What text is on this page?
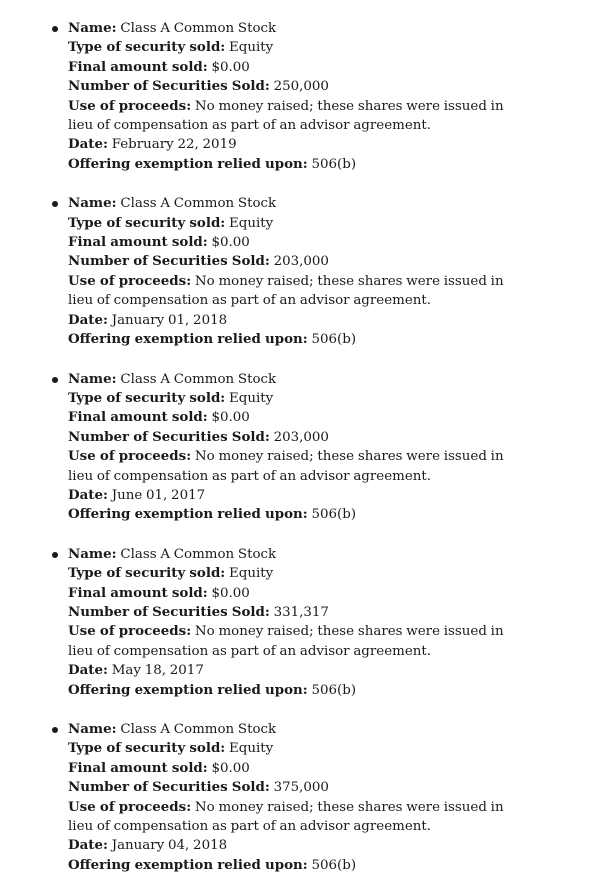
Name: Class A Common Stock
Type of security sold: Equity
Final amount sold: $0.00
Number of Securities Sold: 250,000
Use of proceeds: No money raised; these shares were issued in lieu of compensation as part of an advisor agreement.
Date: February 22, 2019
Offering exemption relied upon: 506(b)
Name: Class A Common Stock
Type of security sold: Equity
Final amount sold: $0.00
Number of Securities Sold: 203,000
Use of proceeds: No money raised; these shares were issued in lieu of compensation as part of an advisor agreement.
Date: January 01, 2018
Offering exemption relied upon: 506(b)
Name: Class A Common Stock
Type of security sold: Equity
Final amount sold: $0.00
Number of Securities Sold: 203,000
Use of proceeds: No money raised; these shares were issued in lieu of compensation as part of an advisor agreement.
Date: June 01, 2017
Offering exemption relied upon: 506(b)
Name: Class A Common Stock
Type of security sold: Equity
Final amount sold: $0.00
Number of Securities Sold: 331,317
Use of proceeds: No money raised; these shares were issued in lieu of compensation as part of an advisor agreement.
Date: May 18, 2017
Offering exemption relied upon: 506(b)
Name: Class A Common Stock
Type of security sold: Equity
Final amount sold: $0.00
Number of Securities Sold: 375,000
Use of proceeds: No money raised; these shares were issued in lieu of compensation as part of an advisor agreement.
Date: January 04, 2018
Offering exemption relied upon: 506(b)
